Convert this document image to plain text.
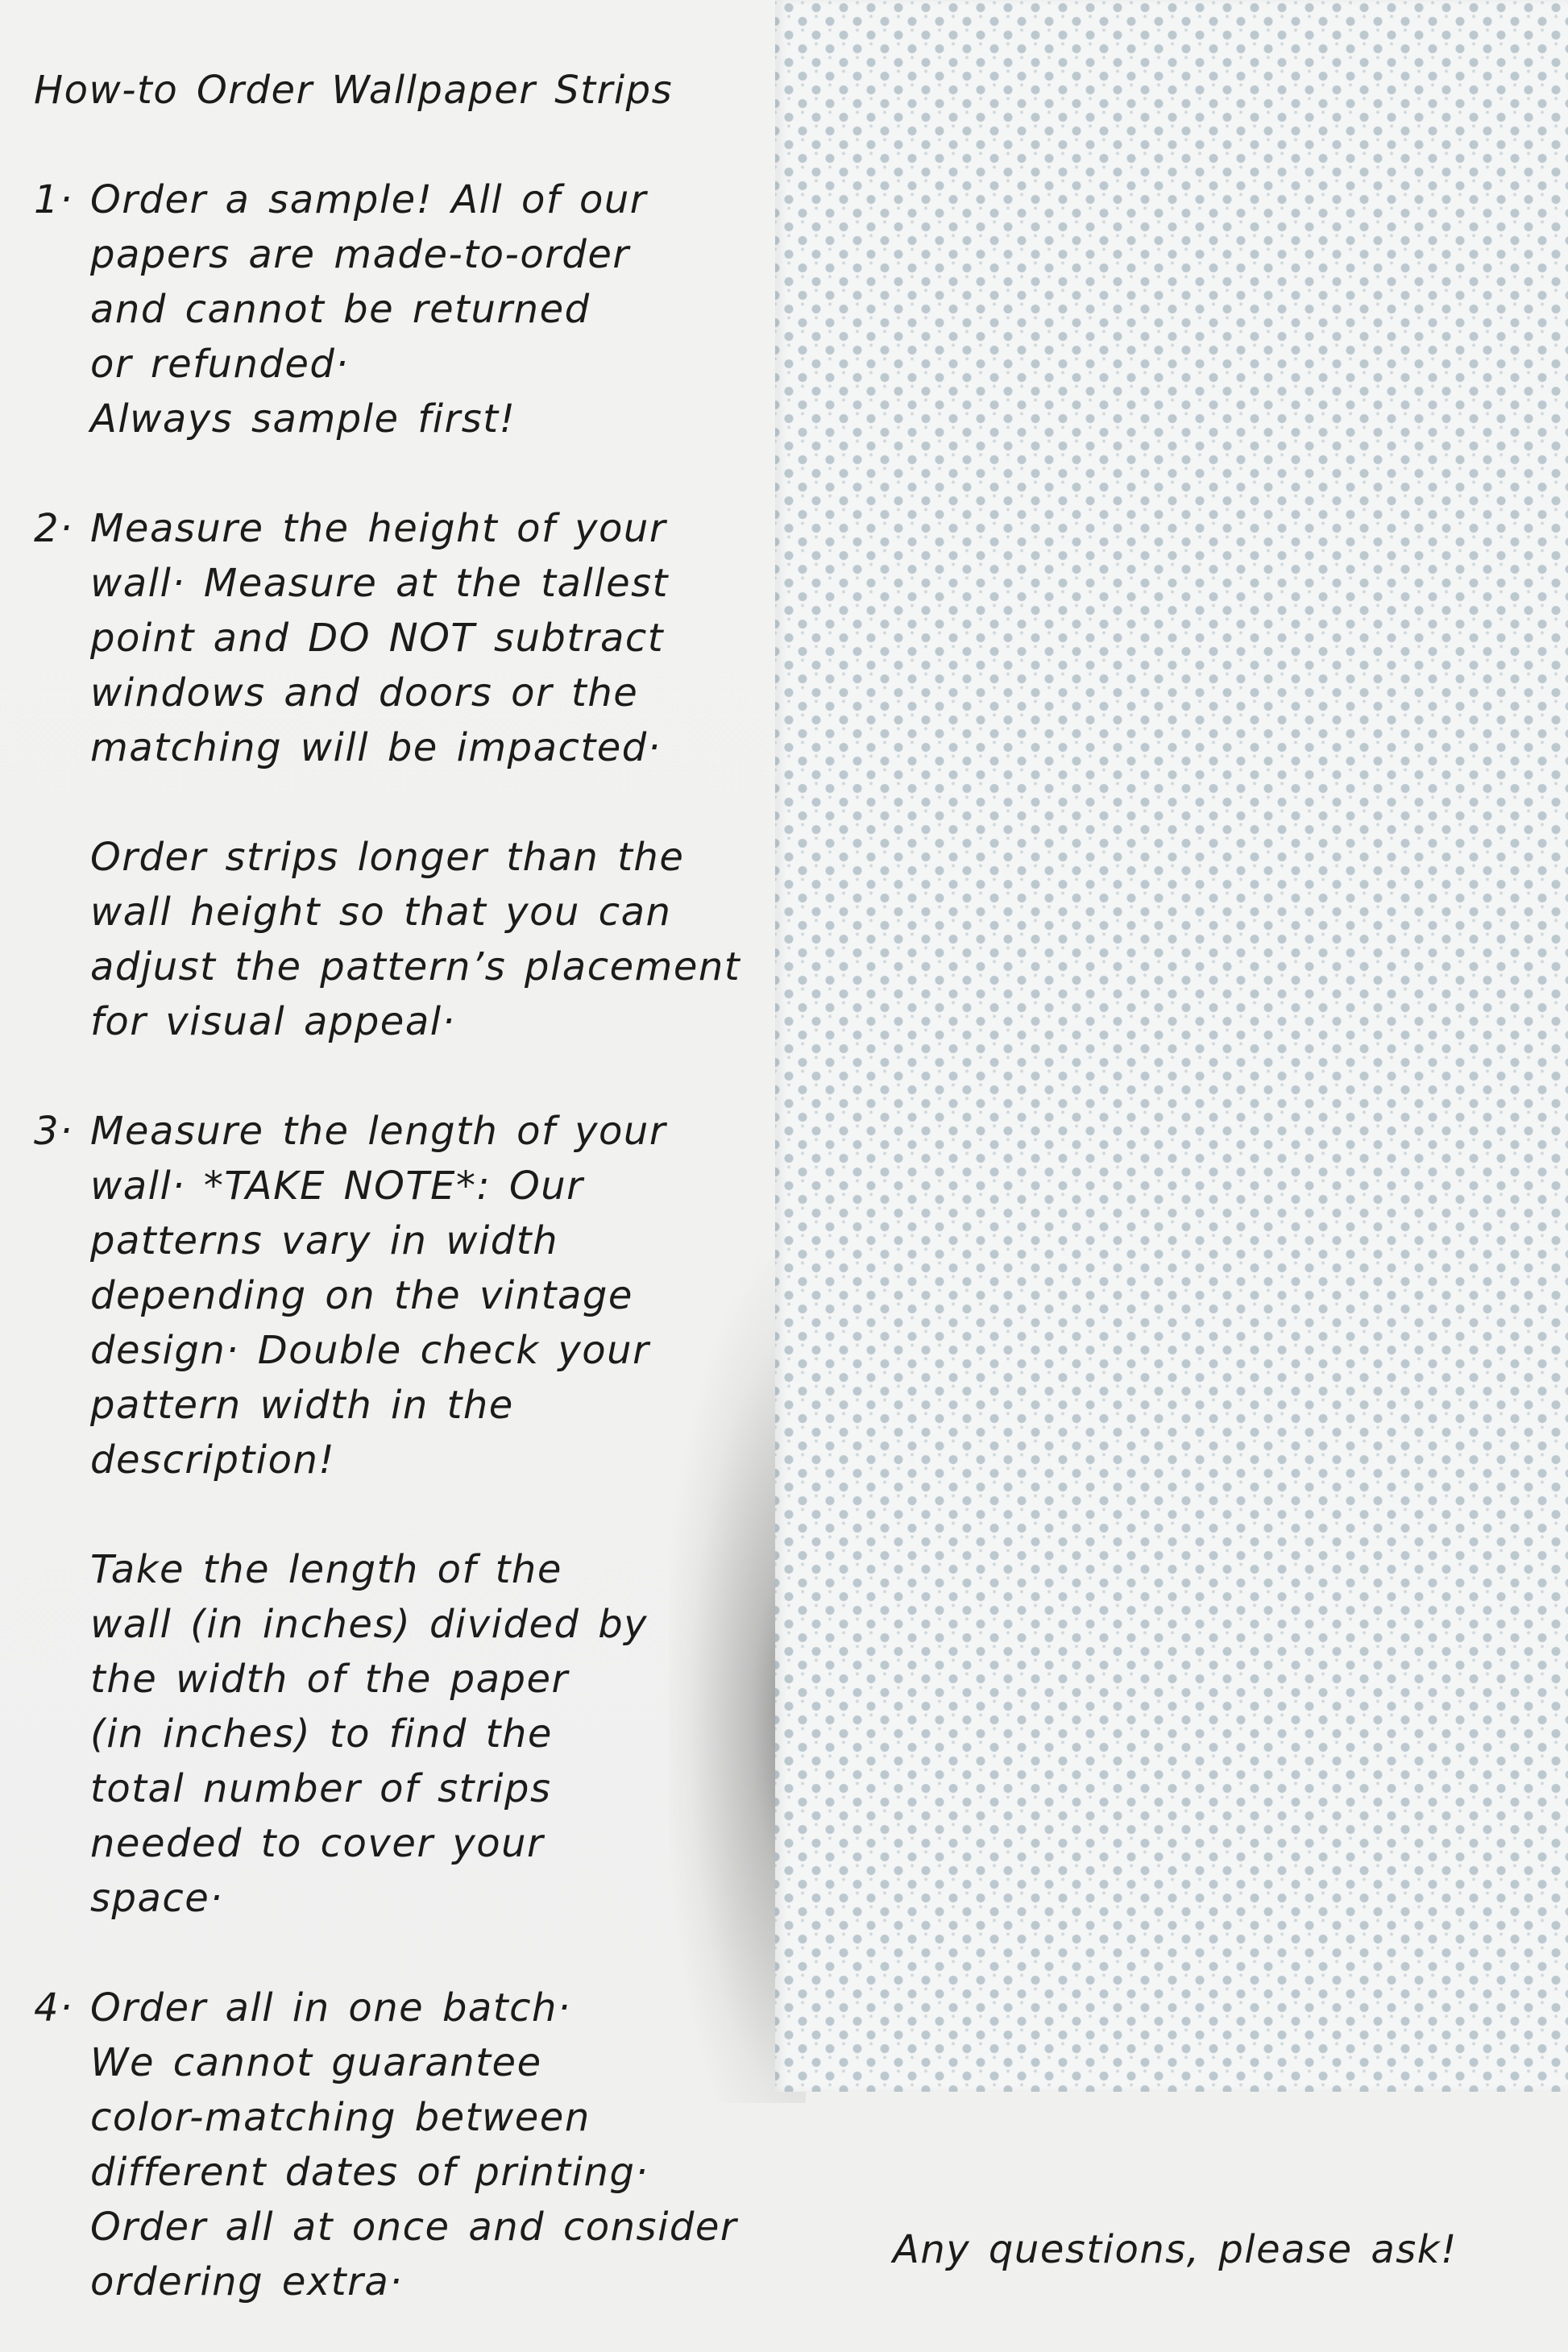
How-to Order Wallpaper Strips
1· Order a sample! All of our
papers are made-to-order
and cannot be returned
or refunded·

Always sample first!

2· Measure the height of your
wall· Measure at the tallest
point and DO NOT subtract
windows and doors or the
matching will be impacted·

Order strips longer than the
wall height so that you can
adjust the pattern’s placement
for visual appeal·

3· Measure the length of your
wall· *TAKE NOTE*: Our
patterns vary in width
depending on the vintage
design· Double check your
pattern width in the
description!

Take the length of the
wall (in inches) divided by
the width of the paper
(in inches) to find the
total number of strips
needed to cover your
space·

4· Order all in one batch·
We cannot guarantee
color-matching between
different dates of printing·
Order all at once and consider
ordering extra·

Any questions, please ask!
